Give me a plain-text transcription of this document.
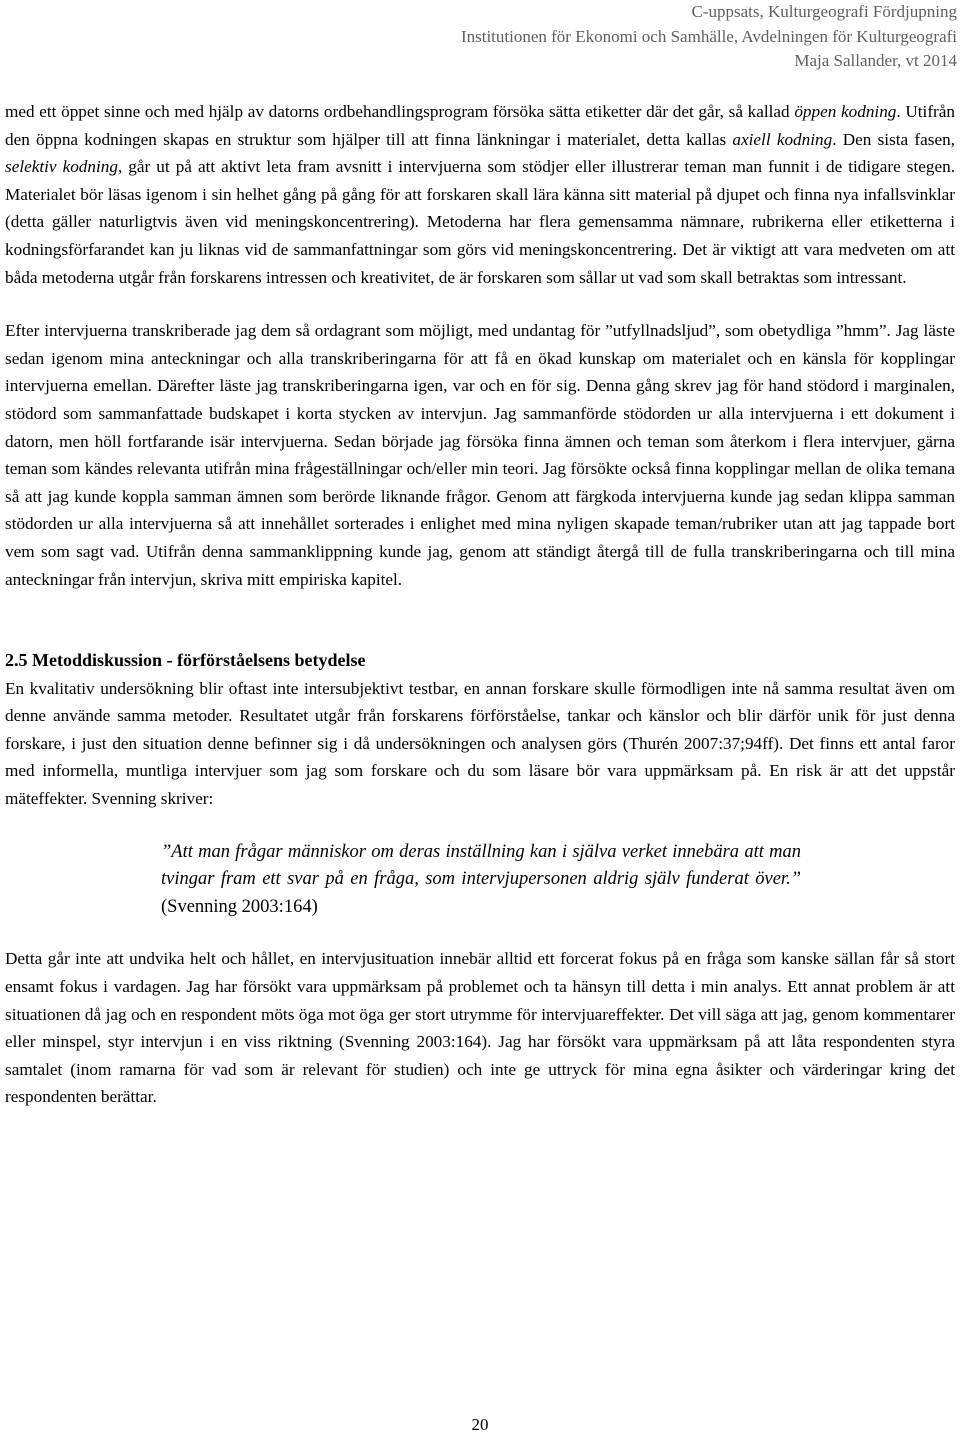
C-uppsats, Kulturgeografi Fördjupning
Institutionen för Ekonomi och Samhälle, Avdelningen för Kulturgeografi
Maja Sallander, vt 2014

med ett öppet sinne och med hjälp av datorns ordbehandlingsprogram försöka sätta etiketter där det går, så kallad öppen kodning. Utifrån den öppna kodningen skapas en struktur som hjälper till att finna länkningar i materialet, detta kallas axiell kodning. Den sista fasen, selektiv kodning, går ut på att aktivt leta fram avsnitt i intervjuerna som stödjer eller illustrerar teman man funnit i de tidigare stegen. Materialet bör läsas igenom i sin helhet gång på gång för att forskaren skall lära känna sitt material på djupet och finna nya infallsvinklar (detta gäller naturligtvis även vid meningskoncentrering). Metoderna har flera gemensamma nämnare, rubrikerna eller etiketterna i kodningsförfarandet kan ju liknas vid de sammanfattningar som görs vid meningskoncentrering. Det är viktigt att vara medveten om att båda metoderna utgår från forskarens intressen och kreativitet, de är forskaren som sållar ut vad som skall betraktas som intressant.

Efter intervjuerna transkriberade jag dem så ordagrant som möjligt, med undantag för ”utfyllnadsljud”, som obetydliga ”hmm”. Jag läste sedan igenom mina anteckningar och alla transkriberingarna för att få en ökad kunskap om materialet och en känsla för kopplingar intervjuerna emellan. Därefter läste jag transkriberingarna igen, var och en för sig. Denna gång skrev jag för hand stödord i marginalen, stödord som sammanfattade budskapet i korta stycken av intervjun. Jag sammanförde stödorden ur alla intervjuerna i ett dokument i datorn, men höll fortfarande isär intervjuerna. Sedan började jag försöka finna ämnen och teman som återkom i flera intervjuer, gärna teman som kändes relevanta utifrån mina frågeställningar och/eller min teori. Jag försökte också finna kopplingar mellan de olika temana så att jag kunde koppla samman ämnen som berörde liknande frågor. Genom att färgkoda intervjuerna kunde jag sedan klippa samman stödorden ur alla intervjuerna så att innehållet sorterades i enlighet med mina nyligen skapade teman/rubriker utan att jag tappade bort vem som sagt vad. Utifrån denna sammanklippning kunde jag, genom att ständigt återgå till de fulla transkriberingarna och till mina anteckningar från intervjun, skriva mitt empiriska kapitel.

2.5 Metoddiskussion - förförståelsens betydelse

En kvalitativ undersökning blir oftast inte intersubjektivt testbar, en annan forskare skulle förmodligen inte nå samma resultat även om denne använde samma metoder. Resultatet utgår från forskarens förförståelse, tankar och känslor och blir därför unik för just denna forskare, i just den situation denne befinner sig i då undersökningen och analysen görs (Thurén 2007:37;94ff). Det finns ett antal faror med informella, muntliga intervjuer som jag som forskare och du som läsare bör vara uppmärksam på. En risk är att det uppstår mäteffekter. Svenning skriver:

”Att man frågar människor om deras inställning kan i själva verket innebära att man tvingar fram ett svar på en fråga, som intervjupersonen aldrig själv funderat över.” (Svenning 2003:164)

Detta går inte att undvika helt och hållet, en intervjusituation innebär alltid ett forcerat fokus på en fråga som kanske sällan får så stort ensamt fokus i vardagen. Jag har försökt vara uppmärksam på problemet och ta hänsyn till detta i min analys. Ett annat problem är att situationen då jag och en respondent möts öga mot öga ger stort utrymme för intervjuareffekter. Det vill säga att jag, genom kommentarer eller minspel, styr intervjun i en viss riktning (Svenning 2003:164). Jag har försökt vara uppmärksam på att låta respondenten styra samtalet (inom ramarna för vad som är relevant för studien) och inte ge uttryck för mina egna åsikter och värderingar kring det respondenten berättar.

20
